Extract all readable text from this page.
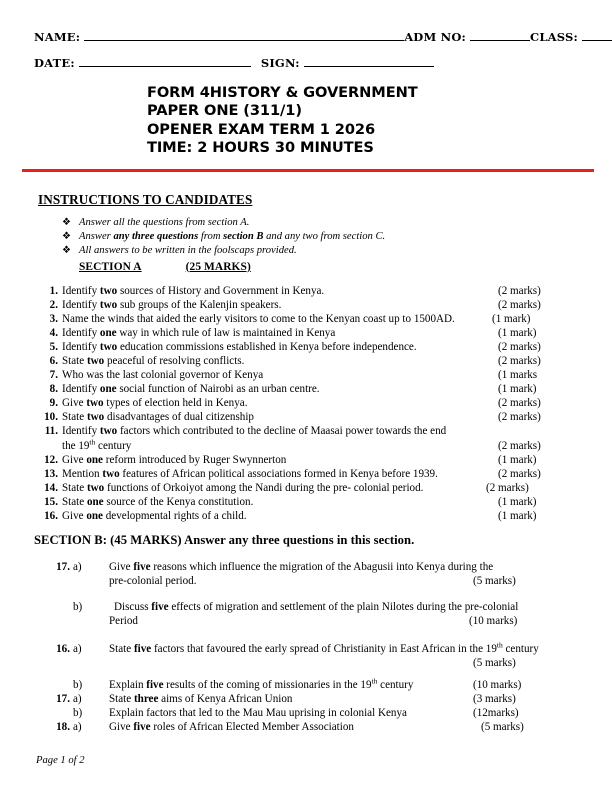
NAME:	ADM NO:	CLASS:
DATE:	SIGN:
FORM 4HISTORY & GOVERNMENT
PAPER ONE (311/1)
OPENER EXAM TERM 1 2026
TIME: 2 HOURS 30 MINUTES
INSTRUCTIONS TO CANDIDATES
❖ Answer all the questions from section A.
❖ Answer any three questions from section B and any two from section C.
❖ All answers to be written in the foolscaps provided.
SECTION A	(25 MARKS)
1. Identify two sources of History and Government in Kenya.	(2 marks)
2. Identify two sub groups of the Kalenjin speakers.	(2 marks)
3. Name the winds that aided the early visitors to come to the Kenyan coast up to 1500AD.	(1 mark)
4. Identify one way in which rule of law is maintained in Kenya	(1 mark)
5. Identify two education commissions established in Kenya before independence.	(2 marks)
6. State two peaceful of resolving conflicts.	(2 marks)
7. Who was the last colonial governor of Kenya	(1 marks
8. Identify one social function of Nairobi as an urban centre.	(1 mark)
9. Give two types of election held in Kenya.	(2 marks)
10. State two disadvantages of dual citizenship	(2 marks)
11. Identify two factors which contributed to the decline of Maasai power towards the end
the 19th century	(2 marks)
12. Give one reform introduced by Ruger Swynnerton	(1 mark)
13. Mention two features of African political associations formed in Kenya before 1939.	(2 marks)
14. State two functions of Orkoiyot among the Nandi during the pre- colonial period.	(2 marks)
15. State one source of the Kenya constitution.	(1 mark)
16. Give one developmental rights of a child.	(1 mark)
SECTION B: (45 MARKS) Answer any three questions in this section.
17. a)	Give five reasons which influence the migration of the Abagusii into Kenya during the
pre-colonial period.	(5 marks)
b)	Discuss five effects of migration and settlement of the plain Nilotes during the pre-colonial
Period	(10 marks)
16. a)	State five factors that favoured the early spread of Christianity in East African in the 19th century
(5 marks)
b)	Explain five results of the coming of missionaries in the 19th century	(10 marks)
17. a)	State three aims of Kenya African Union	(3 marks)
b)	Explain factors that led to the Mau Mau uprising in colonial Kenya	(12marks)
18. a)	Give five roles of African Elected Member Association	(5 marks)
Page 1 of 2
